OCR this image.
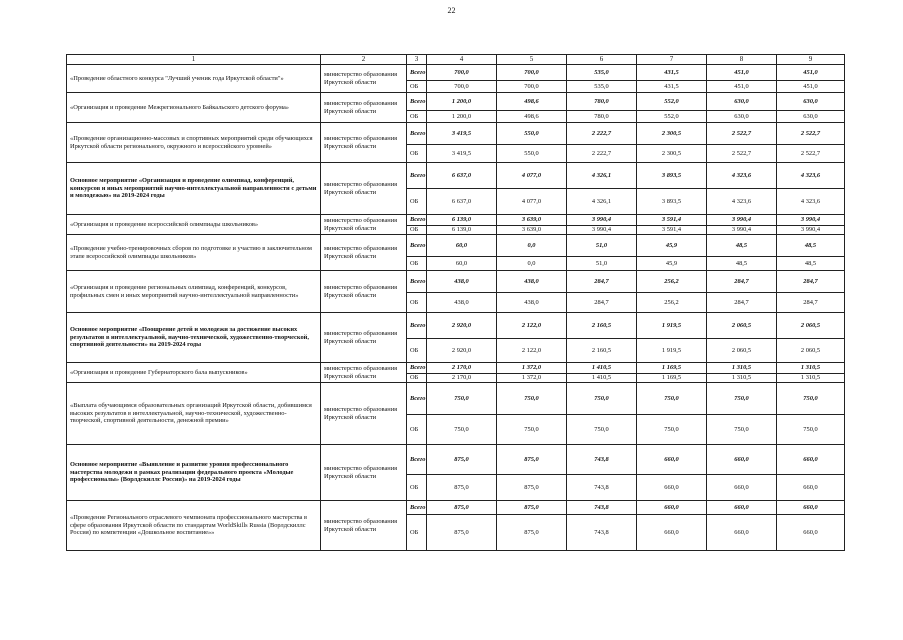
22
1	2	3	4	5	6	7	8	9
«Проведение областного конкурса "Лучший ученик года Иркутской области"»	министерство образования Иркутской области	Всего	700,0	700,0	535,0	431,5	451,0	451,0
		ОБ	700,0	700,0	535,0	431,5	451,0	451,0
«Организация и проведение Межрегионального Байкальского детского форума»	министерство образования Иркутской области	Всего	1 200,0	498,6	780,0	552,0	630,0	630,0
		ОБ	1 200,0	498,6	780,0	552,0	630,0	630,0
«Проведение организационно-массовых и спортивных мероприятий среди обучающихся Иркутской области регионального, окружного и всероссийского уровней»	министерство образования Иркутской области	Всего	3 419,5	550,0	2 222,7	2 300,5	2 522,7	2 522,7
		ОБ	3 419,5	550,0	2 222,7	2 300,5	2 522,7	2 522,7
Основное мероприятие «Организация и проведение олимпиад, конференций, конкурсов и иных мероприятий научно-интеллектуальной направленности с детьми и молодежью» на 2019-2024 годы	министерство образования Иркутской области	Всего	6 637,0	4 077,0	4 326,1	3 893,5	4 323,6	4 323,6
		ОБ	6 637,0	4 077,0	4 326,1	3 893,5	4 323,6	4 323,6
«Организация и проведение всероссийской олимпиады школьников»	министерство образования Иркутской области	Всего	6 139,0	3 639,0	3 990,4	3 591,4	3 990,4	3 990,4
		ОБ	6 139,0	3 639,0	3 990,4	3 591,4	3 990,4	3 990,4
«Проведение учебно-тренировочных сборов по подготовке и участию в заключительном этапе всероссийской олимпиады школьников»	министерство образования Иркутской области	Всего	60,0	0,0	51,0	45,9	48,5	48,5
		ОБ	60,0	0,0	51,0	45,9	48,5	48,5
«Организация и проведение региональных олимпиад, конференций, конкурсов, профильных смен и иных мероприятий научно-интеллектуальной направленности»	министерство образования Иркутской области	Всего	438,0	438,0	284,7	256,2	284,7	284,7
		ОБ	438,0	438,0	284,7	256,2	284,7	284,7
Основное мероприятие «Поощрение детей и молодежи за достижение высоких результатов в интеллектуальной, научно-технической, художественно-творческой, спортивной деятельности» на 2019-2024 годы	министерство образования Иркутской области	Всего	2 920,0	2 122,0	2 160,5	1 919,5	2 060,5	2 060,5
		ОБ	2 920,0	2 122,0	2 160,5	1 919,5	2 060,5	2 060,5
«Организация и проведение Губернаторского бала выпускников»	министерство образования Иркутской области	Всего	2 170,0	1 372,0	1 410,5	1 169,5	1 310,5	1 310,5
		ОБ	2 170,0	1 372,0	1 410,5	1 169,5	1 310,5	1 310,5
«Выплата обучающимся образовательных организаций Иркутской области, добившимся высоких результатов в интеллектуальной, научно-технической, художественно-творческой, спортивной деятельности, денежной премии»	министерство образования Иркутской области	Всего	750,0	750,0	750,0	750,0	750,0	750,0
		ОБ	750,0	750,0	750,0	750,0	750,0	750,0
Основное мероприятие «Выявление и развитие уровня профессионального мастерства молодежи в рамках реализации федерального проекта «Молодые профессионалы» (Ворлдскиллс Россия)» на 2019-2024 годы	министерство образования Иркутской области	Всего	875,0	875,0	743,8	660,0	660,0	660,0
		ОБ	875,0	875,0	743,8	660,0	660,0	660,0
«Проведение Регионального отраслевого чемпионата профессионального мастерства в сфере образования Иркутской области по стандартам WorldSkills Russia (Ворлдскиллс Россия) по компетенции «Дошкольное воспитание»»	министерство образования Иркутской области	Всего	875,0	875,0	743,8	660,0	660,0	660,0
		ОБ	875,0	875,0	743,8	660,0	660,0	660,0
